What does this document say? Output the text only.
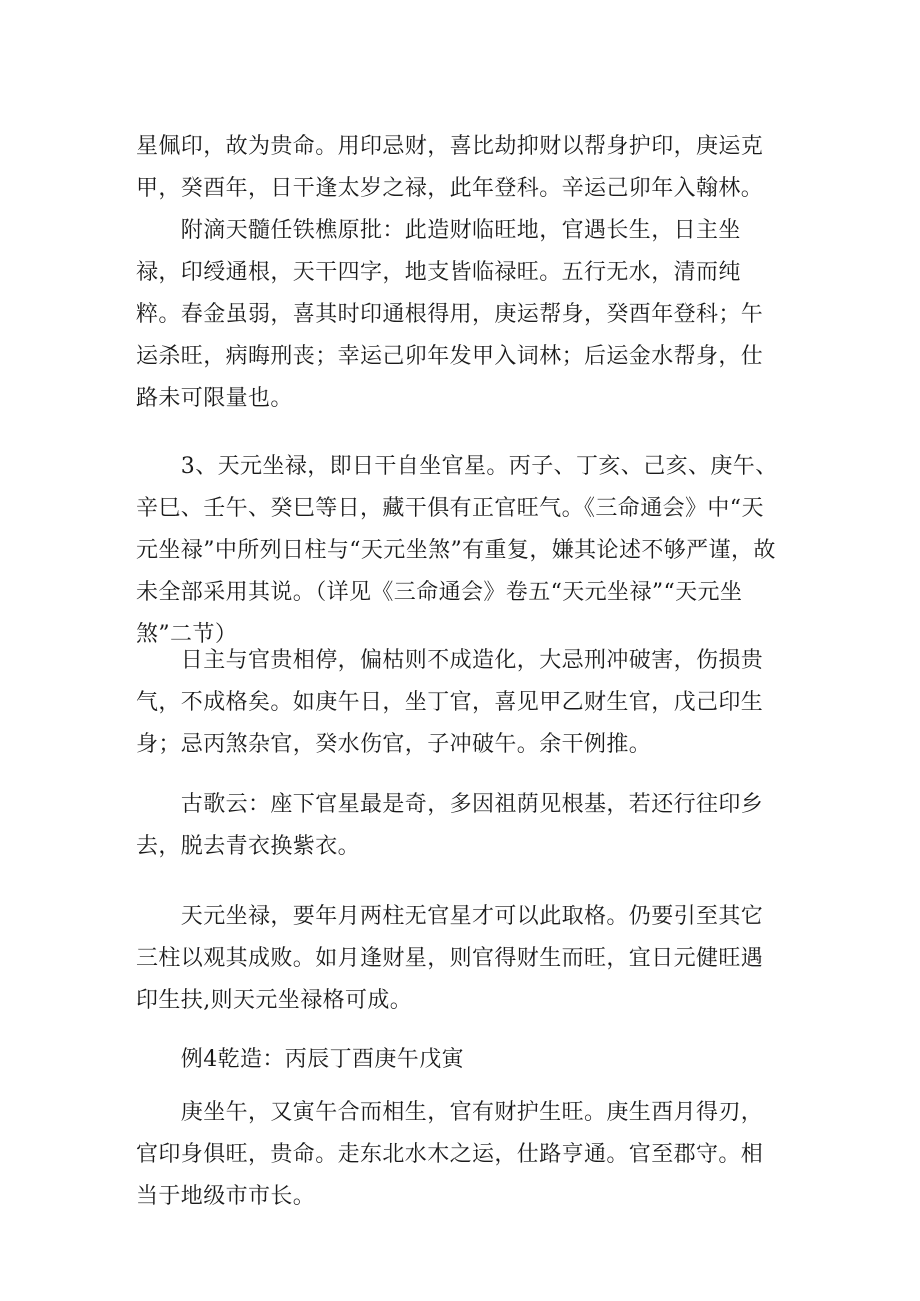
星佩印，故为贵命。用印忌财，喜比劫抑财以帮身护印，庚运克甲，癸酉年，日干逢太岁之禄，此年登科。辛运己卯年入翰林。

　　附滴天髓任铁樵原批：此造财临旺地，官遇长生，日主坐禄，印绶通根，天干四字，地支皆临禄旺。五行无水，清而纯粹。春金虽弱，喜其时印通根得用，庚运帮身，癸酉年登科；午运杀旺，病晦刑丧；幸运己卯年发甲入词林；后运金水帮身，仕路未可限量也。

　　3、天元坐禄，即日干自坐官星。丙子、丁亥、己亥、庚午、辛巳、壬午、癸巳等日，藏干俱有正官旺气。《三命通会》中“天元坐禄”中所列日柱与“天元坐煞”有重复，嫌其论述不够严谨，故未全部采用其说。（详见《三命通会》卷五“天元坐禄”“天元坐煞”二节）

　　日主与官贵相停，偏枯则不成造化，大忌刑冲破害，伤损贵气，不成格矣。如庚午日，坐丁官，喜见甲乙财生官，戊己印生身；忌丙煞杂官，癸水伤官，子冲破午。余干例推。

　　古歌云：座下官星最是奇，多因祖荫见根基，若还行往印乡去，脱去青衣换紫衣。

　　天元坐禄，要年月两柱无官星才可以此取格。仍要引至其它三柱以观其成败。如月逢财星，则官得财生而旺，宜日元健旺遇印生扶,则天元坐禄格可成。

　　例4乾造：丙辰丁酉庚午戊寅

　　庚坐午，又寅午合而相生，官有财护生旺。庚生酉月得刃，官印身俱旺，贵命。走东北水木之运，仕路亨通。官至郡守。相当于地级市市长。
